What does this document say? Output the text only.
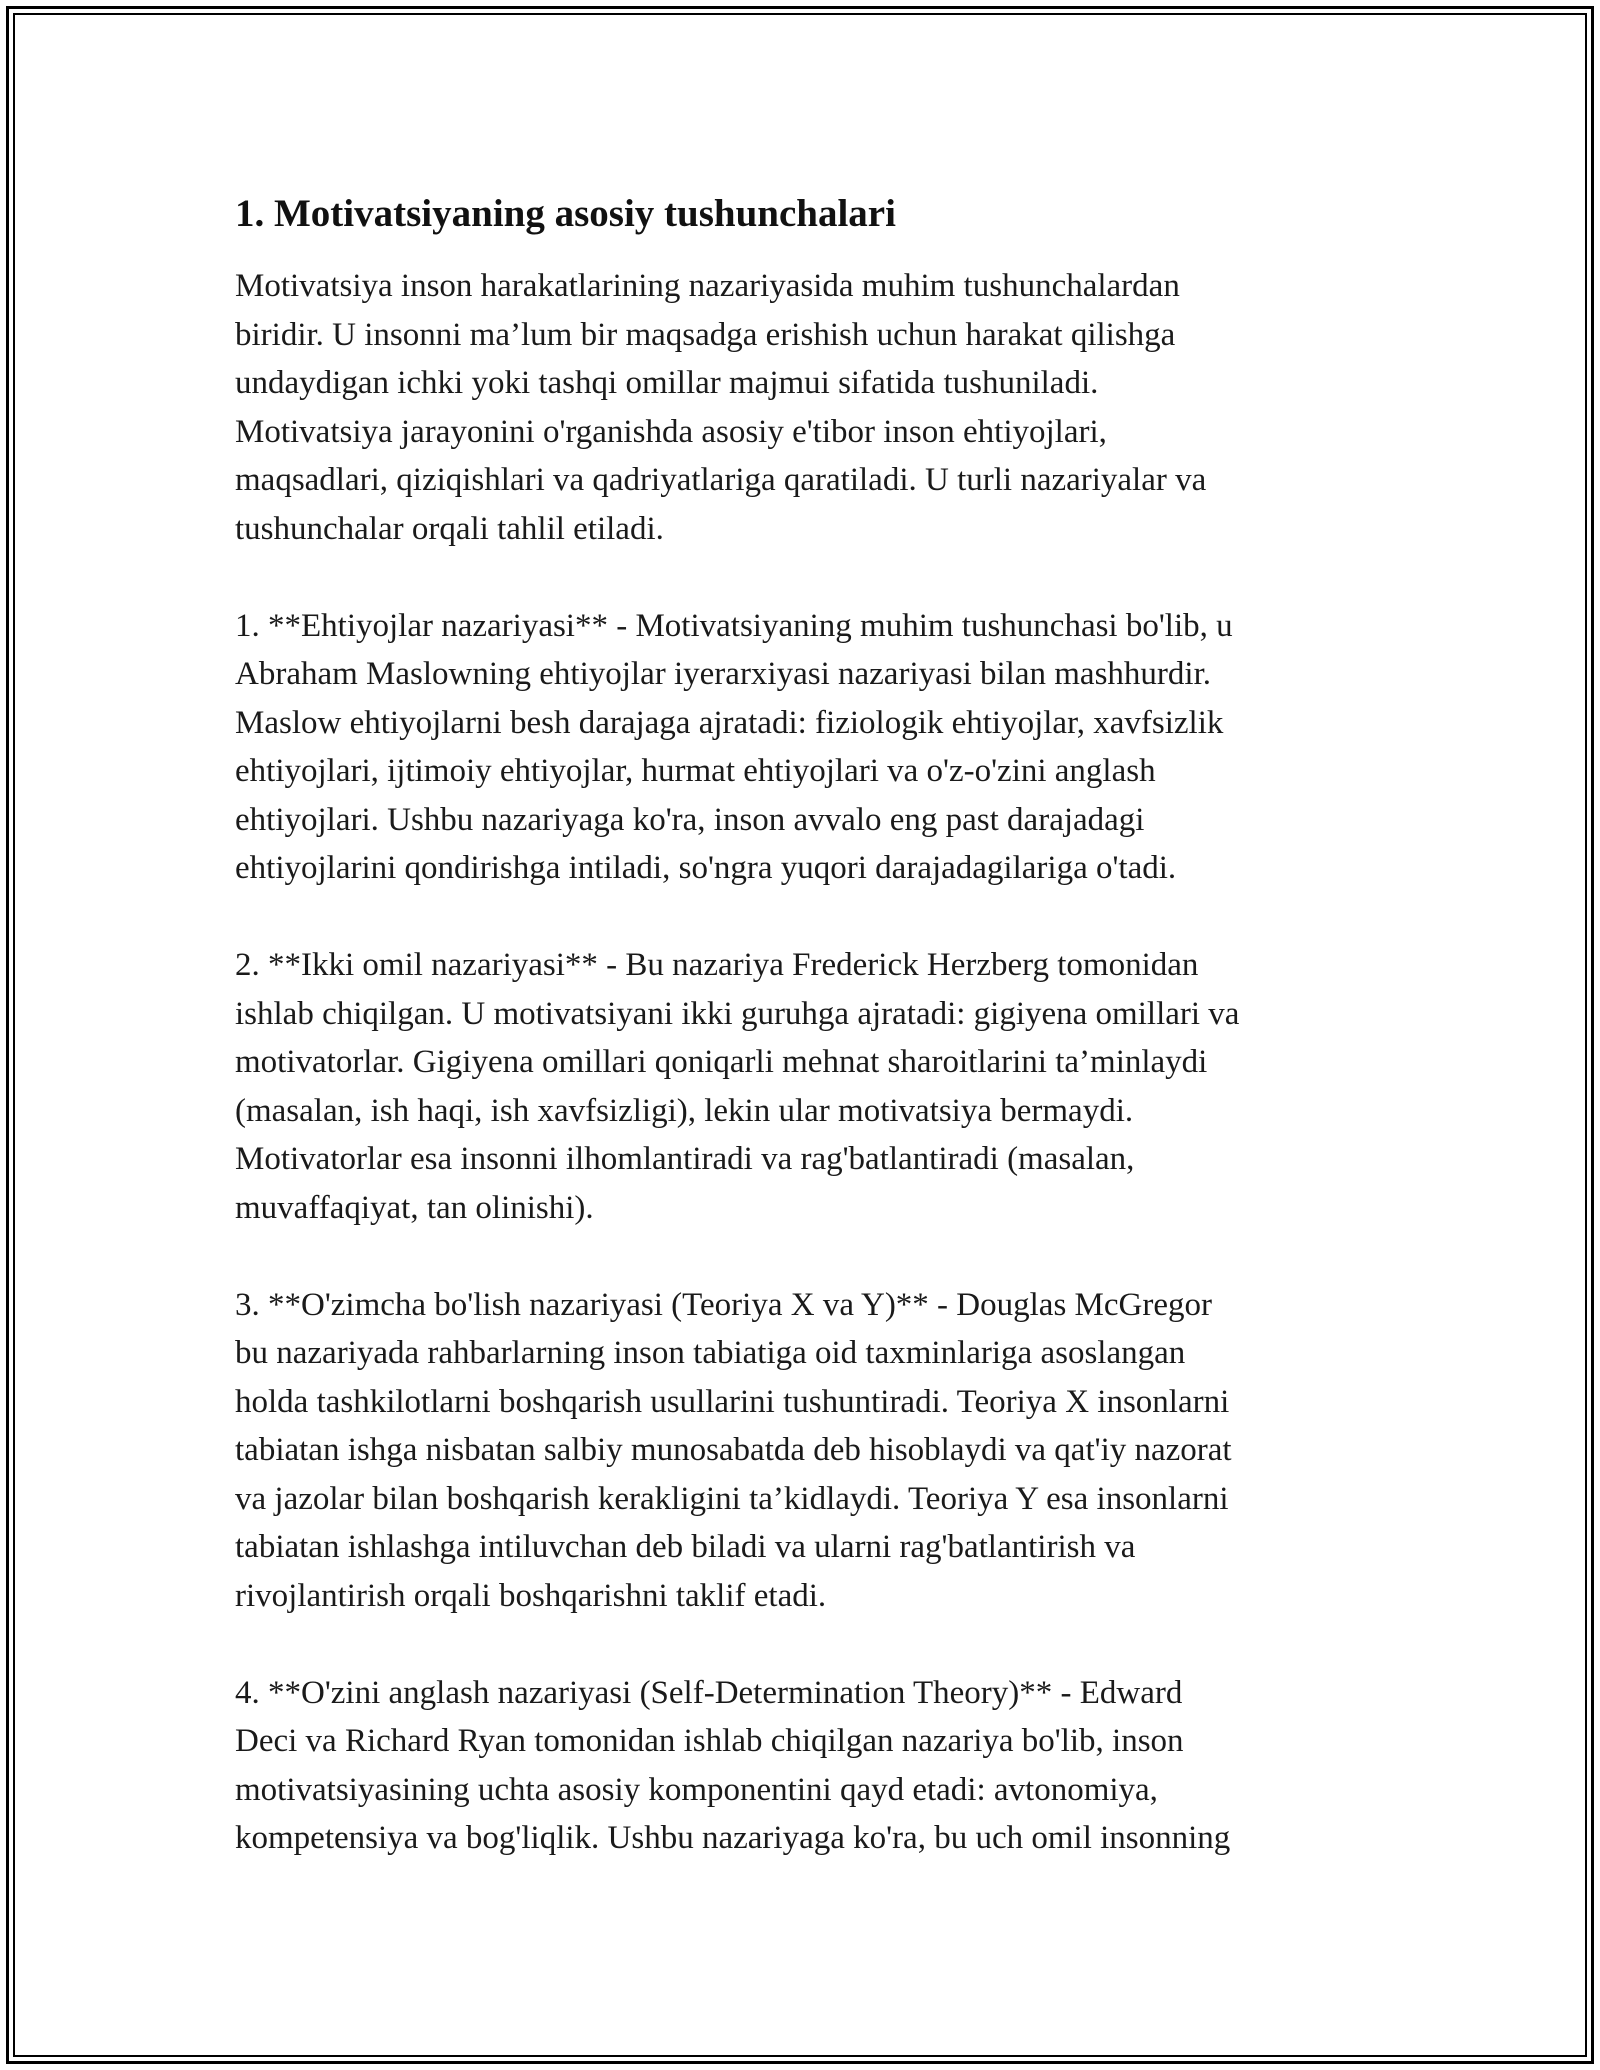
1. Motivatsiyaning asosiy tushunchalari
Motivatsiya inson harakatlarining nazariyasida muhim tushunchalardan
biridir. U insonni ma’lum bir maqsadga erishish uchun harakat qilishga
undaydigan ichki yoki tashqi omillar majmui sifatida tushuniladi.
Motivatsiya jarayonini o'rganishda asosiy e'tibor inson ehtiyojlari,
maqsadlari, qiziqishlari va qadriyatlariga qaratiladi. U turli nazariyalar va
tushunchalar orqali tahlil etiladi.
1. **Ehtiyojlar nazariyasi** - Motivatsiyaning muhim tushunchasi bo'lib, u
Abraham Maslowning ehtiyojlar iyerarxiyasi nazariyasi bilan mashhurdir.
Maslow ehtiyojlarni besh darajaga ajratadi: fiziologik ehtiyojlar, xavfsizlik
ehtiyojlari, ijtimoiy ehtiyojlar, hurmat ehtiyojlari va o'z-o'zini anglash
ehtiyojlari. Ushbu nazariyaga ko'ra, inson avvalo eng past darajadagi
ehtiyojlarini qondirishga intiladi, so'ngra yuqori darajadagilariga o'tadi.
2. **Ikki omil nazariyasi** - Bu nazariya Frederick Herzberg tomonidan
ishlab chiqilgan. U motivatsiyani ikki guruhga ajratadi: gigiyena omillari va
motivatorlar. Gigiyena omillari qoniqarli mehnat sharoitlarini ta’minlaydi
(masalan, ish haqi, ish xavfsizligi), lekin ular motivatsiya bermaydi.
Motivatorlar esa insonni ilhomlantiradi va rag'batlantiradi (masalan,
muvaffaqiyat, tan olinishi).
3. **O'zimcha bo'lish nazariyasi (Teoriya X va Y)** - Douglas McGregor
bu nazariyada rahbarlarning inson tabiatiga oid taxminlariga asoslangan
holda tashkilotlarni boshqarish usullarini tushuntiradi. Teoriya X insonlarni
tabiatan ishga nisbatan salbiy munosabatda deb hisoblaydi va qat'iy nazorat
va jazolar bilan boshqarish kerakligini ta’kidlaydi. Teoriya Y esa insonlarni
tabiatan ishlashga intiluvchan deb biladi va ularni rag'batlantirish va
rivojlantirish orqali boshqarishni taklif etadi.
4. **O'zini anglash nazariyasi (Self-Determination Theory)** - Edward
Deci va Richard Ryan tomonidan ishlab chiqilgan nazariya bo'lib, inson
motivatsiyasining uchta asosiy komponentini qayd etadi: avtonomiya,
kompetensiya va bog'liqlik. Ushbu nazariyaga ko'ra, bu uch omil insonning
